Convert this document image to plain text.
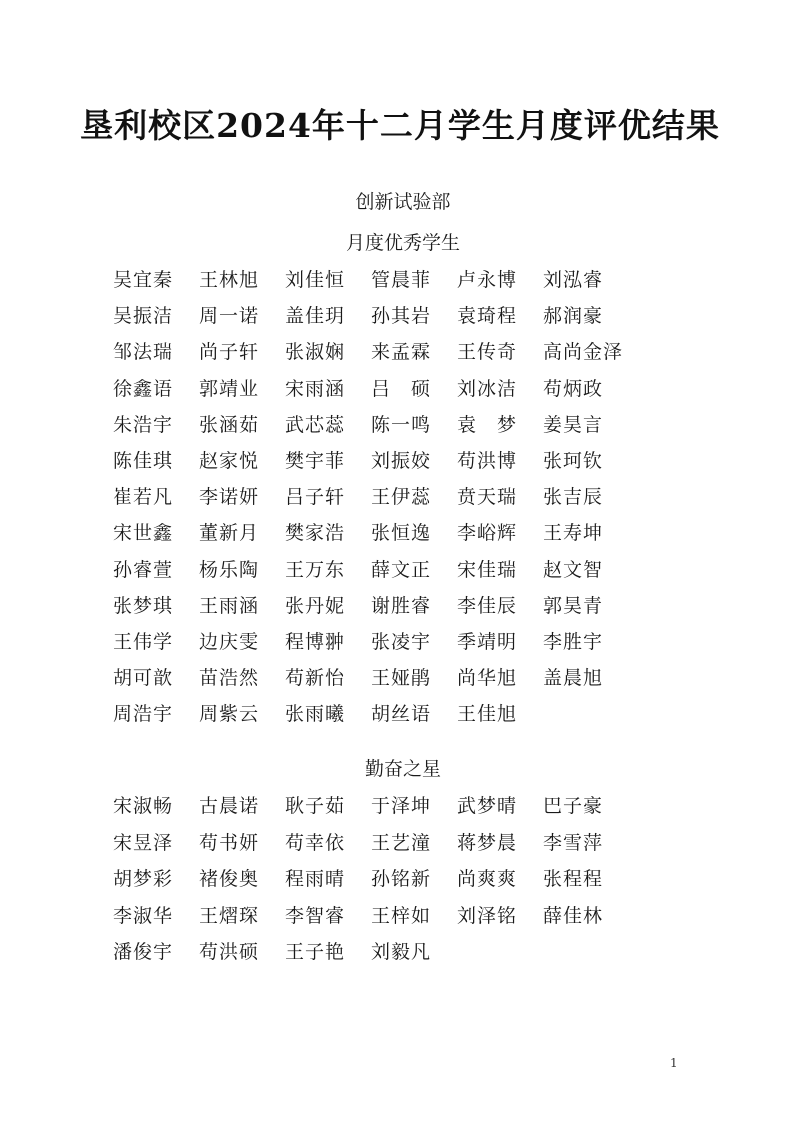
垦利校区2024年十二月学生月度评优结果
创新试验部
月度优秀学生
吴宜秦	王林旭	刘佳恒	管晨菲	卢永博	刘泓睿
吴振洁	周一诺	盖佳玥	孙其岩	袁琦程	郝润豪
邹法瑞	尚子轩	张淑娴	来孟霖	王传奇	高尚金泽
徐鑫语	郭靖业	宋雨涵	吕　硕	刘冰洁	苟炳政
朱浩宇	张涵茹	武芯蕊	陈一鸣	袁　梦	姜昊言
陈佳琪	赵家悦	樊宇菲	刘振姣	苟洪博	张珂钦
崔若凡	李诺妍	吕子轩	王伊蕊	贲天瑞	张吉辰
宋世鑫	董新月	樊家浩	张恒逸	李峪辉	王寿坤
孙睿萱	杨乐陶	王万东	薛文正	宋佳瑞	赵文智
张梦琪	王雨涵	张丹妮	谢胜睿	李佳辰	郭昊青
王伟学	边庆雯	程博翀	张凌宇	季靖明	李胜宇
胡可歆	苗浩然	苟新怡	王娅鹃	尚华旭	盖晨旭
周浩宇	周紫云	张雨曦	胡丝语	王佳旭
勤奋之星
宋淑畅	古晨诺	耿子茹	于泽坤	武梦晴	巴子豪
宋昱泽	苟书妍	苟幸依	王艺潼	蒋梦晨	李雪萍
胡梦彩	褚俊奥	程雨晴	孙铭新	尚爽爽	张程程
李淑华	王熠琛	李智睿	王梓如	刘泽铭	薛佳林
潘俊宇	苟洪硕	王子艳	刘毅凡
1
